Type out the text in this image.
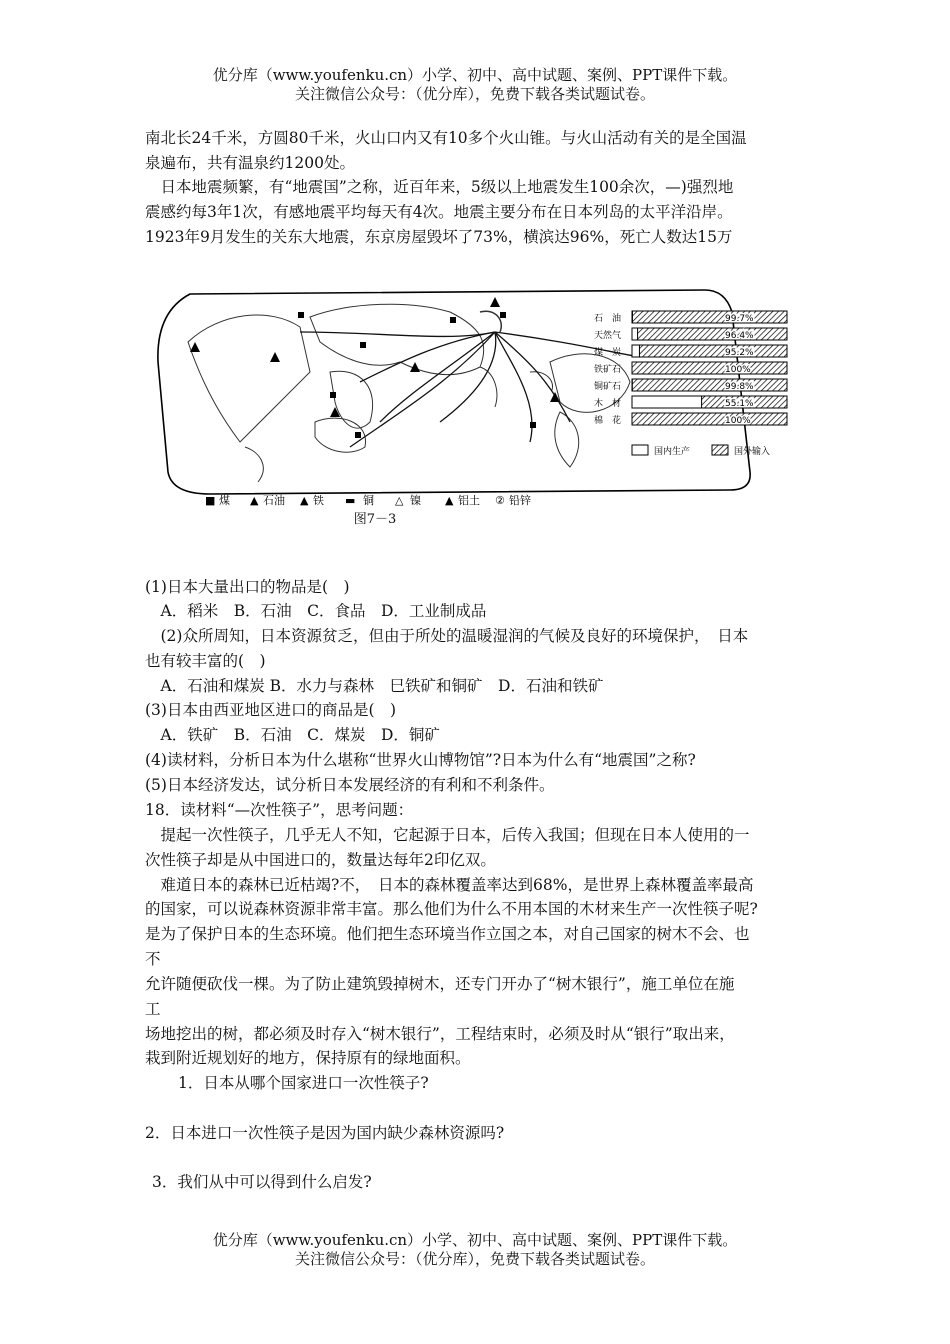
优分库（www.youfenku.cn）小学、初中、高中试题、案例、PPT课件下载。
关注微信公众号：（优分库），免费下载各类试题试卷。
南北长24千米，方圆80千米，火山口内又有10多个火山锥。与火山活动有关的是全国温
泉遍布，共有温泉约1200处。
　日本地震频繁，有“地震国”之称，近百年来，5级以上地震发生100余次，—)强烈地
震感约每3年1次，有感地震平均每天有4次。地震主要分布在日本列岛的太平洋沿岸。
1923年9月发生的关东大地震，东京房屋毁坏了73%，横滨达96%，死亡人数达15万
■ 煤 ▲ 石油 ▲ 铁 ▬ 铜 △ 镍 ▲ 铝土 ② 铅锌
图7－3
石　油	99.7%
天然气	96.4%
煤　炭	95.2%
铁矿石	100%
铜矿石	99.8%
木　材	55.1%
棉　花	100%
国内生产	国外输入
(1)日本大量出口的物品是(　)
　A．稻米　B．石油　C．食品　D．工业制成品
　(2)众所周知，日本资源贫乏，但由于所处的温暖湿润的气候及良好的环境保护，　日本
也有较丰富的(　)
　A．石油和煤炭 B．水力与森林　巳铁矿和铜矿　D．石油和铁矿
(3)日本由西亚地区进口的商品是(　)
　A．铁矿　B．石油　C．煤炭　D．铜矿
(4)读材料，分析日本为什么堪称“世界火山博物馆”?日本为什么有“地震国”之称?
(5)日本经济发达，试分析日本发展经济的有利和不利条件。
18．读材料“—次性筷子”，思考问题：
　提起一次性筷子，几乎无人不知，它起源于日本，后传入我国；但现在日本人使用的一
次性筷子却是从中国进口的，数量达每年2印亿双。
　难道日本的森林已近枯竭?不，　日本的森林覆盖率达到68%，是世界上森林覆盖率最高
的国家，可以说森林资源非常丰富。那么他们为什么不用本国的木材来生产一次性筷子呢?
是为了保护日本的生态环境。他们把生态环境当作立国之本，对自己国家的树木不会、也
不
允许随便砍伐一棵。为了防止建筑毁掉树木，还专门开办了“树木银行”，施工单位在施
工
场地挖出的树，都必须及时存入“树木银行”，工程结束时，必须及时从“银行”取出来，
栽到附近规划好的地方，保持原有的绿地面积。
1．日本从哪个国家进口一次性筷子?
2．日本进口一次性筷子是因为国内缺少森林资源吗?
3．我们从中可以得到什么启发?
优分库（www.youfenku.cn）小学、初中、高中试题、案例、PPT课件下载。
关注微信公众号：（优分库），免费下载各类试题试卷。
